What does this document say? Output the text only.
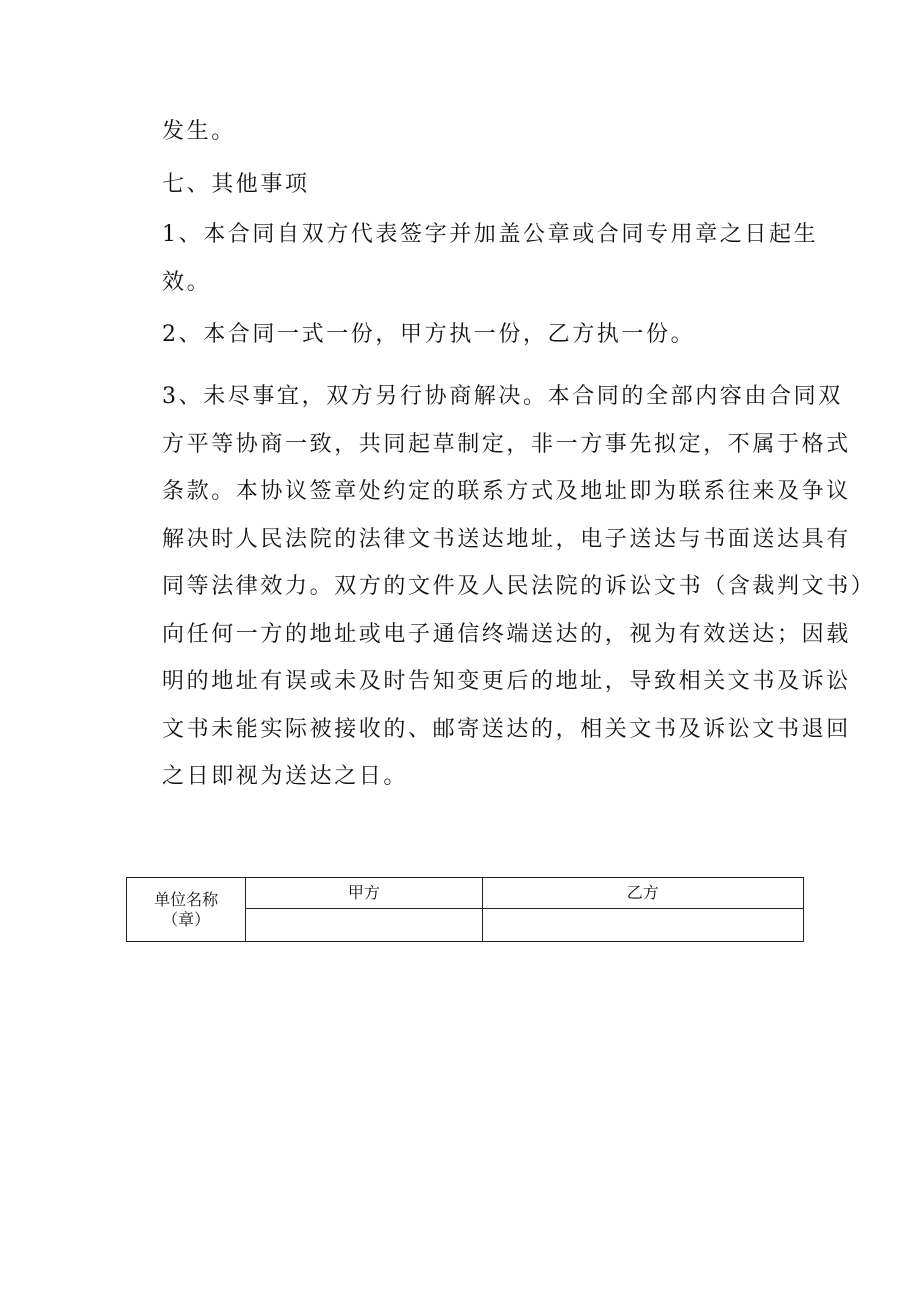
发生。
七、其他事项
1、本合同自双方代表签字并加盖公章或合同专用章之日起生
效。
2、本合同一式一份，甲方执一份，乙方执一份。
3、未尽事宜，双方另行协商解决。本合同的全部内容由合同双
方平等协商一致，共同起草制定，非一方事先拟定，不属于格式
条款。本协议签章处约定的联系方式及地址即为联系往来及争议
解决时人民法院的法律文书送达地址，电子送达与书面送达具有
同等法律效力。双方的文件及人民法院的诉讼文书（含裁判文书）
向任何一方的地址或电子通信终端送达的，视为有效送达；因载
明的地址有误或未及时告知变更后的地址，导致相关文书及诉讼
文书未能实际被接收的、邮寄送达的，相关文书及诉讼文书退回
之日即视为送达之日。
单位名称
（章）	甲方	乙方
